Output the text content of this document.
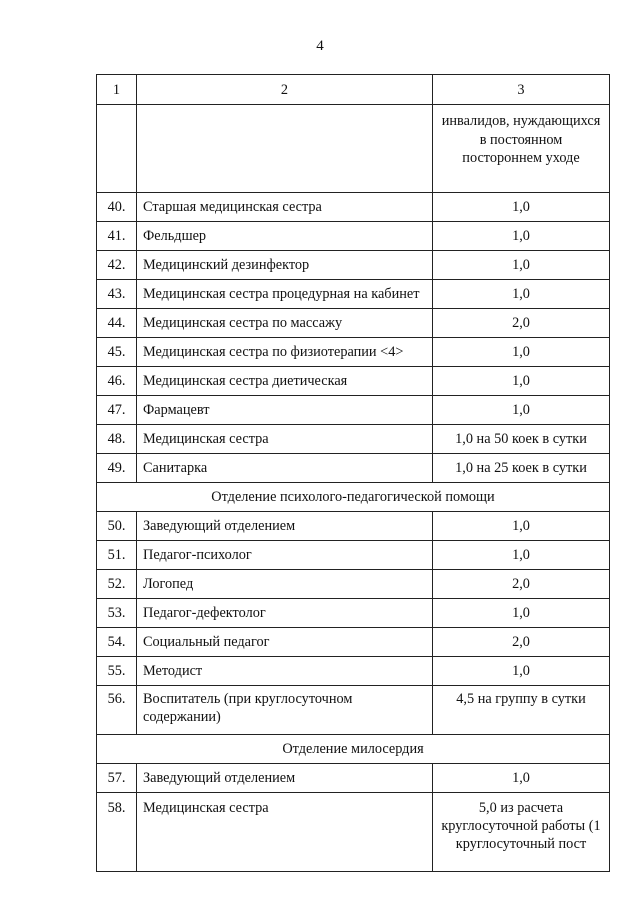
4
1	2	3
		инвалидов, нуждающихся в постоянном постороннем уходе
40.	Старшая медицинская сестра	1,0
41.	Фельдшер	1,0
42.	Медицинский дезинфектор	1,0
43.	Медицинская сестра процедурная на кабинет	1,0
44.	Медицинская сестра по массажу	2,0
45.	Медицинская сестра по физиотерапии <4>	1,0
46.	Медицинская сестра диетическая	1,0
47.	Фармацевт	1,0
48.	Медицинская сестра	1,0 на 50 коек в сутки
49.	Санитарка	1,0 на 25 коек в сутки
Отделение психолого-педагогической помощи		
50.	Заведующий отделением	1,0
51.	Педагог-психолог	1,0
52.	Логопед	2,0
53.	Педагог-дефектолог	1,0
54.	Социальный педагог	2,0
55.	Методист	1,0
56.	Воспитатель (при круглосуточном содержании)	4,5 на группу в сутки
Отделение милосердия		
57.	Заведующий отделением	1,0
58.	Медицинская сестра	5,0 из расчета круглосуточной работы (1 круглосуточный пост
